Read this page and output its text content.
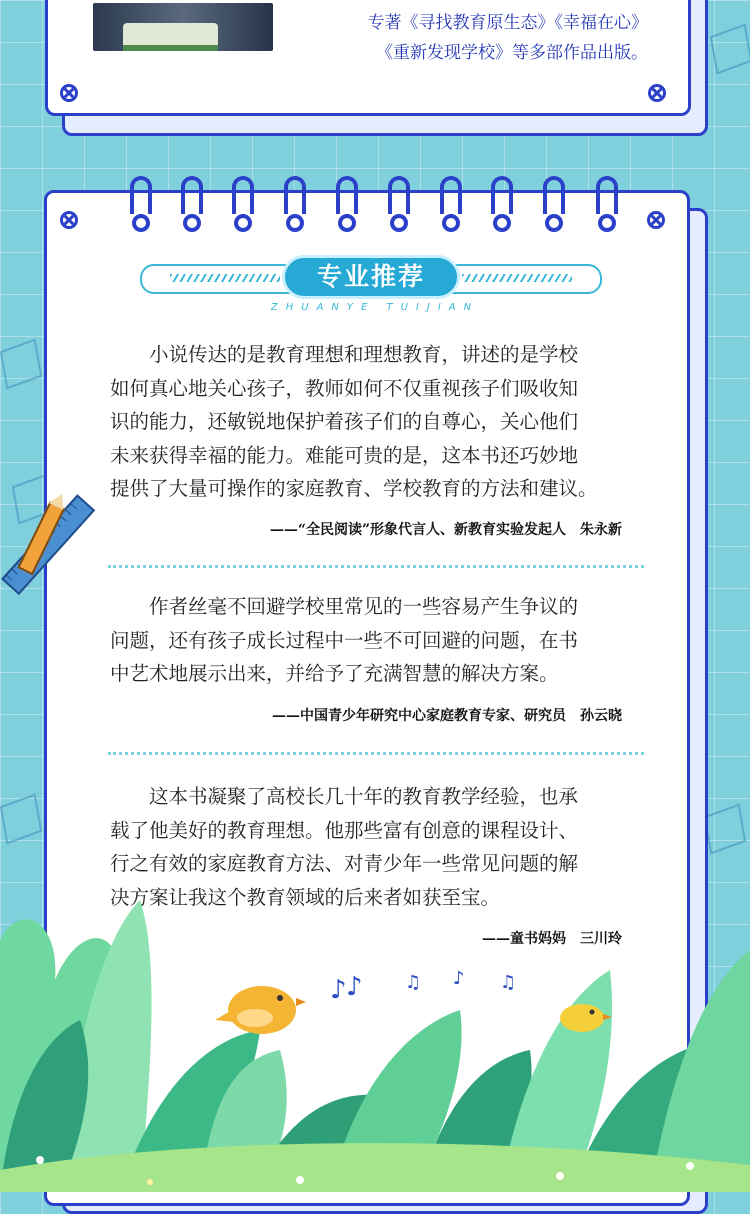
专著《寻找教育原生态》《幸福在心》
《重新发现学校》等多部作品出版。
专业推荐
ZHUANYE TUIJIAN

小说传达的是教育理想和理想教育，讲述的是学校

如何真心地关心孩子，教师如何不仅重视孩子们吸收知

识的能力，还敏锐地保护着孩子们的自尊心，关心他们

未来获得幸福的能力。难能可贵的是，这本书还巧妙地

提供了大量可操作的家庭教育、学校教育的方法和建议。

——“全民阅读”形象代言人、新教育实验发起人　朱永新

作者丝毫不回避学校里常见的一些容易产生争议的

问题，还有孩子成长过程中一些不可回避的问题，在书

中艺术地展示出来，并给予了充满智慧的解决方案。

——中国青少年研究中心家庭教育专家、研究员　孙云晓

这本书凝聚了高校长几十年的教育教学经验，也承

载了他美好的教育理想。他那些富有创意的课程设计、

行之有效的家庭教育方法、对青少年一些常见问题的解

决方案让我这个教育领域的后来者如获至宝。

——童书妈妈　三川玲
♪ ♪ ♫ ♪ ♫
